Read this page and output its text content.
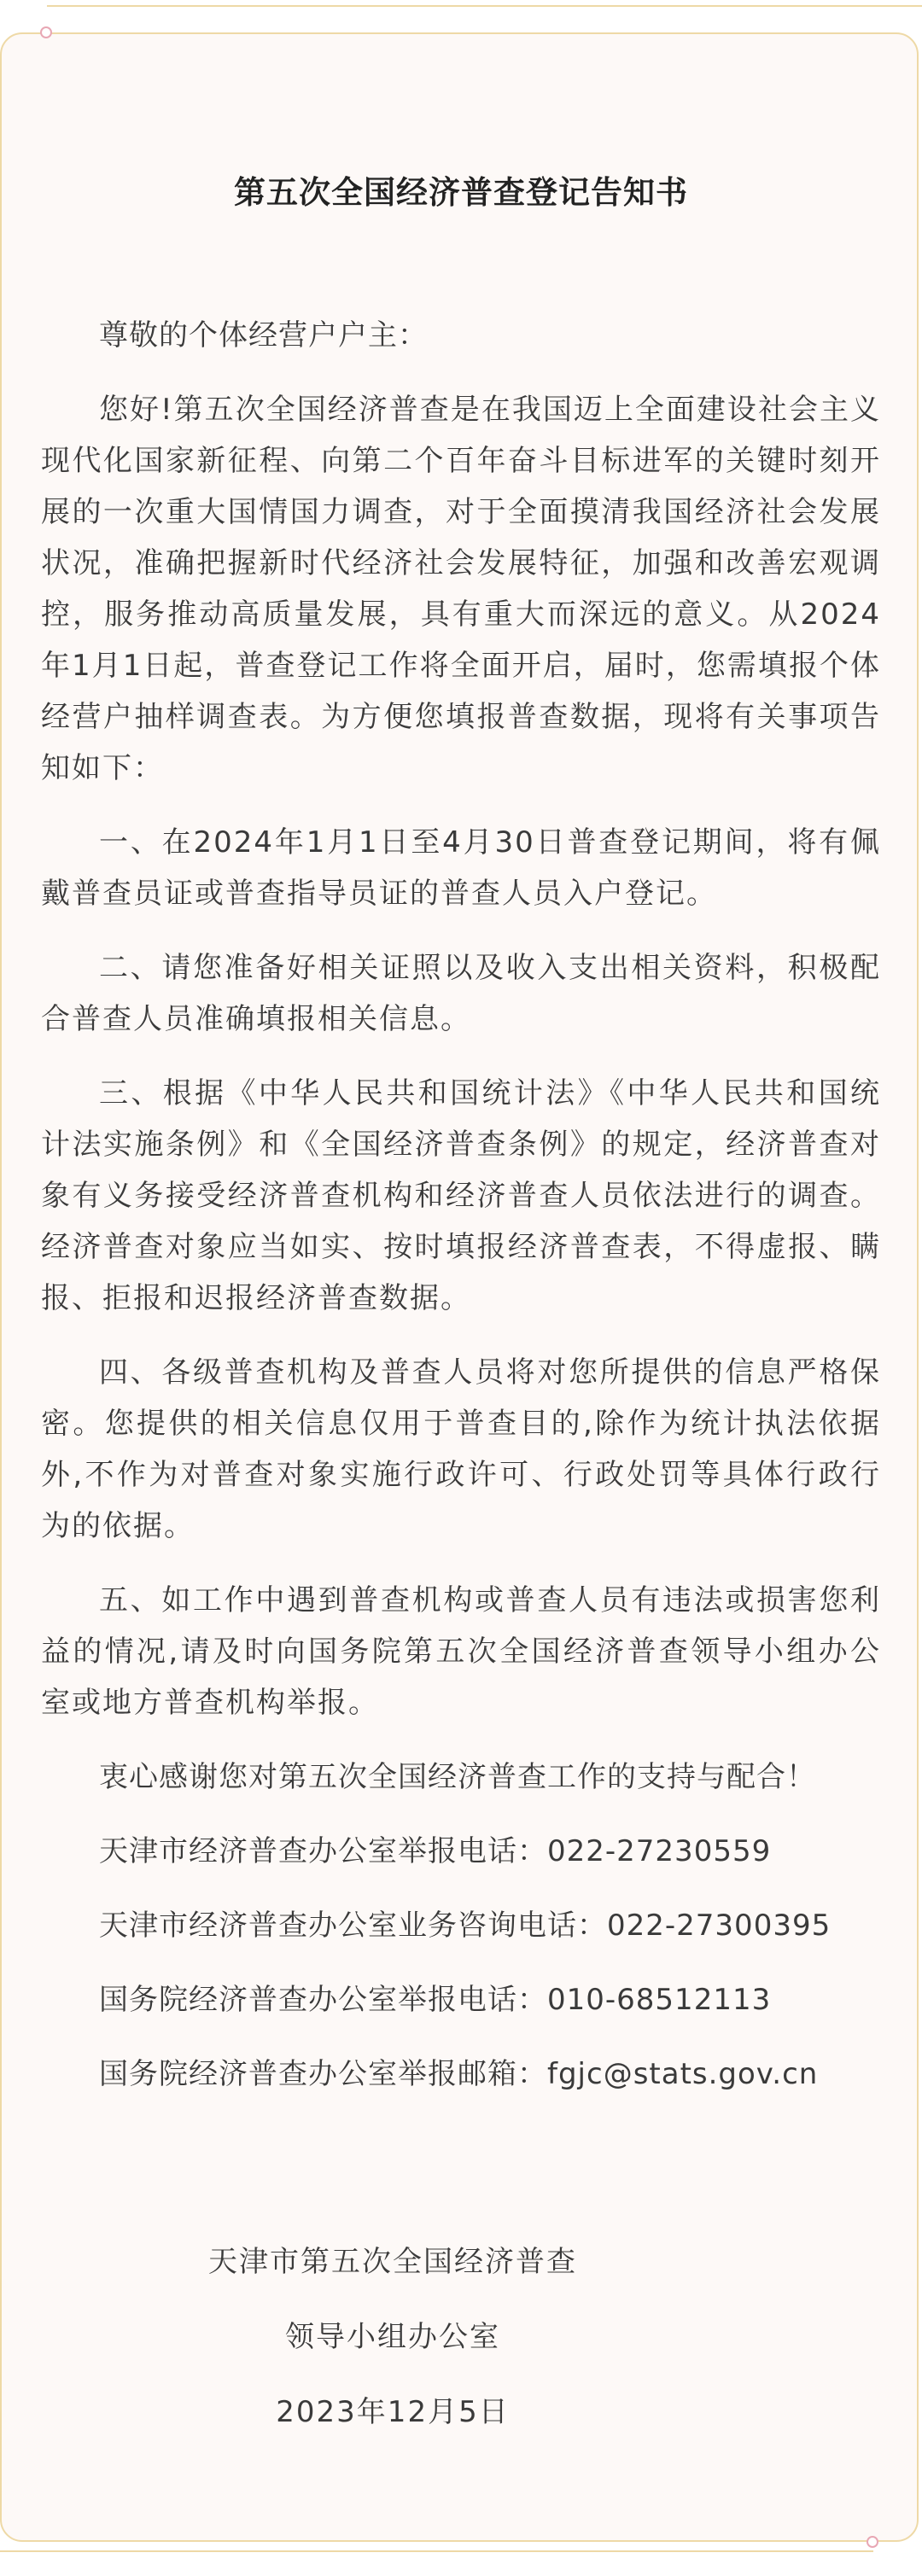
第五次全国经济普查登记告知书
尊敬的个体经营户户主：
您好!第五次全国经济普查是在我国迈上全面建设社会主义现代化国家新征程、向第二个百年奋斗目标进军的关键时刻开展的一次重大国情国力调查，对于全面摸清我国经济社会发展状况，准确把握新时代经济社会发展特征，加强和改善宏观调控，服务推动高质量发展，具有重大而深远的意义。从2024年1月1日起，普查登记工作将全面开启，届时，您需填报个体经营户抽样调查表。为方便您填报普查数据，现将有关事项告知如下：
一、在2024年1月1日至4月30日普查登记期间，将有佩戴普查员证或普查指导员证的普查人员入户登记。
二、请您准备好相关证照以及收入支出相关资料，积极配合普查人员准确填报相关信息。
三、根据《中华人民共和国统计法》《中华人民共和国统计法实施条例》和《全国经济普查条例》的规定，经济普查对象有义务接受经济普查机构和经济普查人员依法进行的调查。经济普查对象应当如实、按时填报经济普查表，不得虚报、瞒报、拒报和迟报经济普查数据。
四、各级普查机构及普查人员将对您所提供的信息严格保密。您提供的相关信息仅用于普查目的,除作为统计执法依据外,不作为对普查对象实施行政许可、行政处罚等具体行政行为的依据。
五、如工作中遇到普查机构或普查人员有违法或损害您利益的情况,请及时向国务院第五次全国经济普查领导小组办公室或地方普查机构举报。
衷心感谢您对第五次全国经济普查工作的支持与配合！
天津市经济普查办公室举报电话：022-27230559
天津市经济普查办公室业务咨询电话：022-27300395
国务院经济普查办公室举报电话：010-68512113
国务院经济普查办公室举报邮箱：fgjc@stats.gov.cn
天津市第五次全国经济普查
领导小组办公室
2023年12月5日
